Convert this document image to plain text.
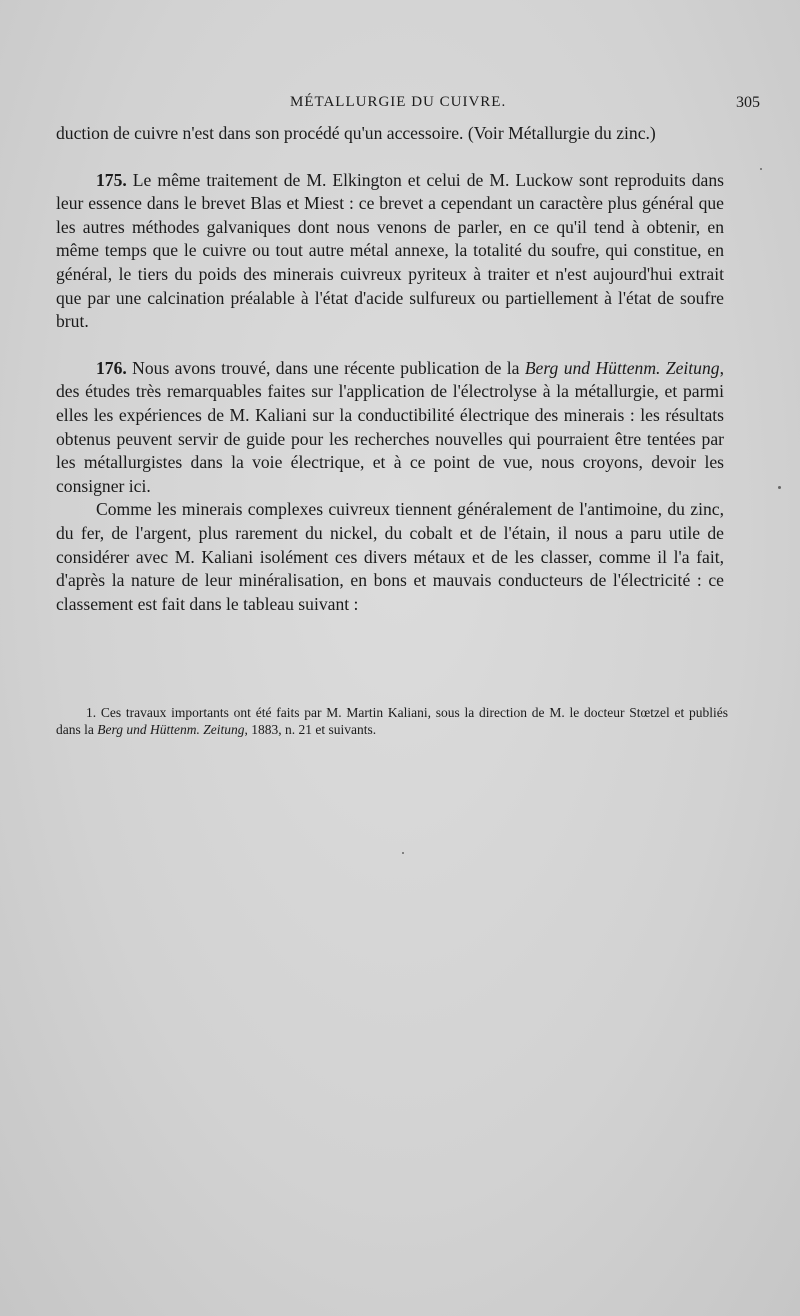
MÉTALLURGIE DU CUIVRE.	305

duction de cuivre n'est dans son procédé qu'un accessoire. (Voir Métallurgie du zinc.)

175. Le même traitement de M. Elkington et celui de M. Luckow sont reproduits dans leur essence dans le brevet Blas et Miest : ce brevet a cependant un caractère plus général que les autres méthodes galvaniques dont nous venons de parler, en ce qu'il tend à obtenir, en même temps que le cuivre ou tout autre métal annexe, la totalité du soufre, qui constitue, en général, le tiers du poids des minerais cuivreux pyriteux à traiter et n'est aujourd'hui extrait que par une calcination préalable à l'état d'acide sulfureux ou partiellement à l'état de soufre brut.

176. Nous avons trouvé, dans une récente publication de la Berg und Hüttenm. Zeitung, des études très remarquables faites sur l'application de l'électrolyse à la métallurgie, et parmi elles les expériences de M. Kaliani sur la conductibilité électrique des minerais : les résultats obtenus peuvent servir de guide pour les recherches nouvelles qui pourraient être tentées par les métallurgistes dans la voie électrique, et à ce point de vue, nous croyons, devoir les consigner ici.

Comme les minerais complexes cuivreux tiennent généralement de l'antimoine, du zinc, du fer, de l'argent, plus rarement du nickel, du cobalt et de l'étain, il nous a paru utile de considérer avec M. Kaliani isolément ces divers métaux et de les classer, comme il l'a fait, d'après la nature de leur minéralisation, en bons et mauvais conducteurs de l'électricité : ce classement est fait dans le tableau suivant :

1. Ces travaux importants ont été faits par M. Martin Kaliani, sous la direction de M. le docteur Stœtzel et publiés dans la Berg und Hüttenm. Zeitung, 1883, n. 21 et suivants.
